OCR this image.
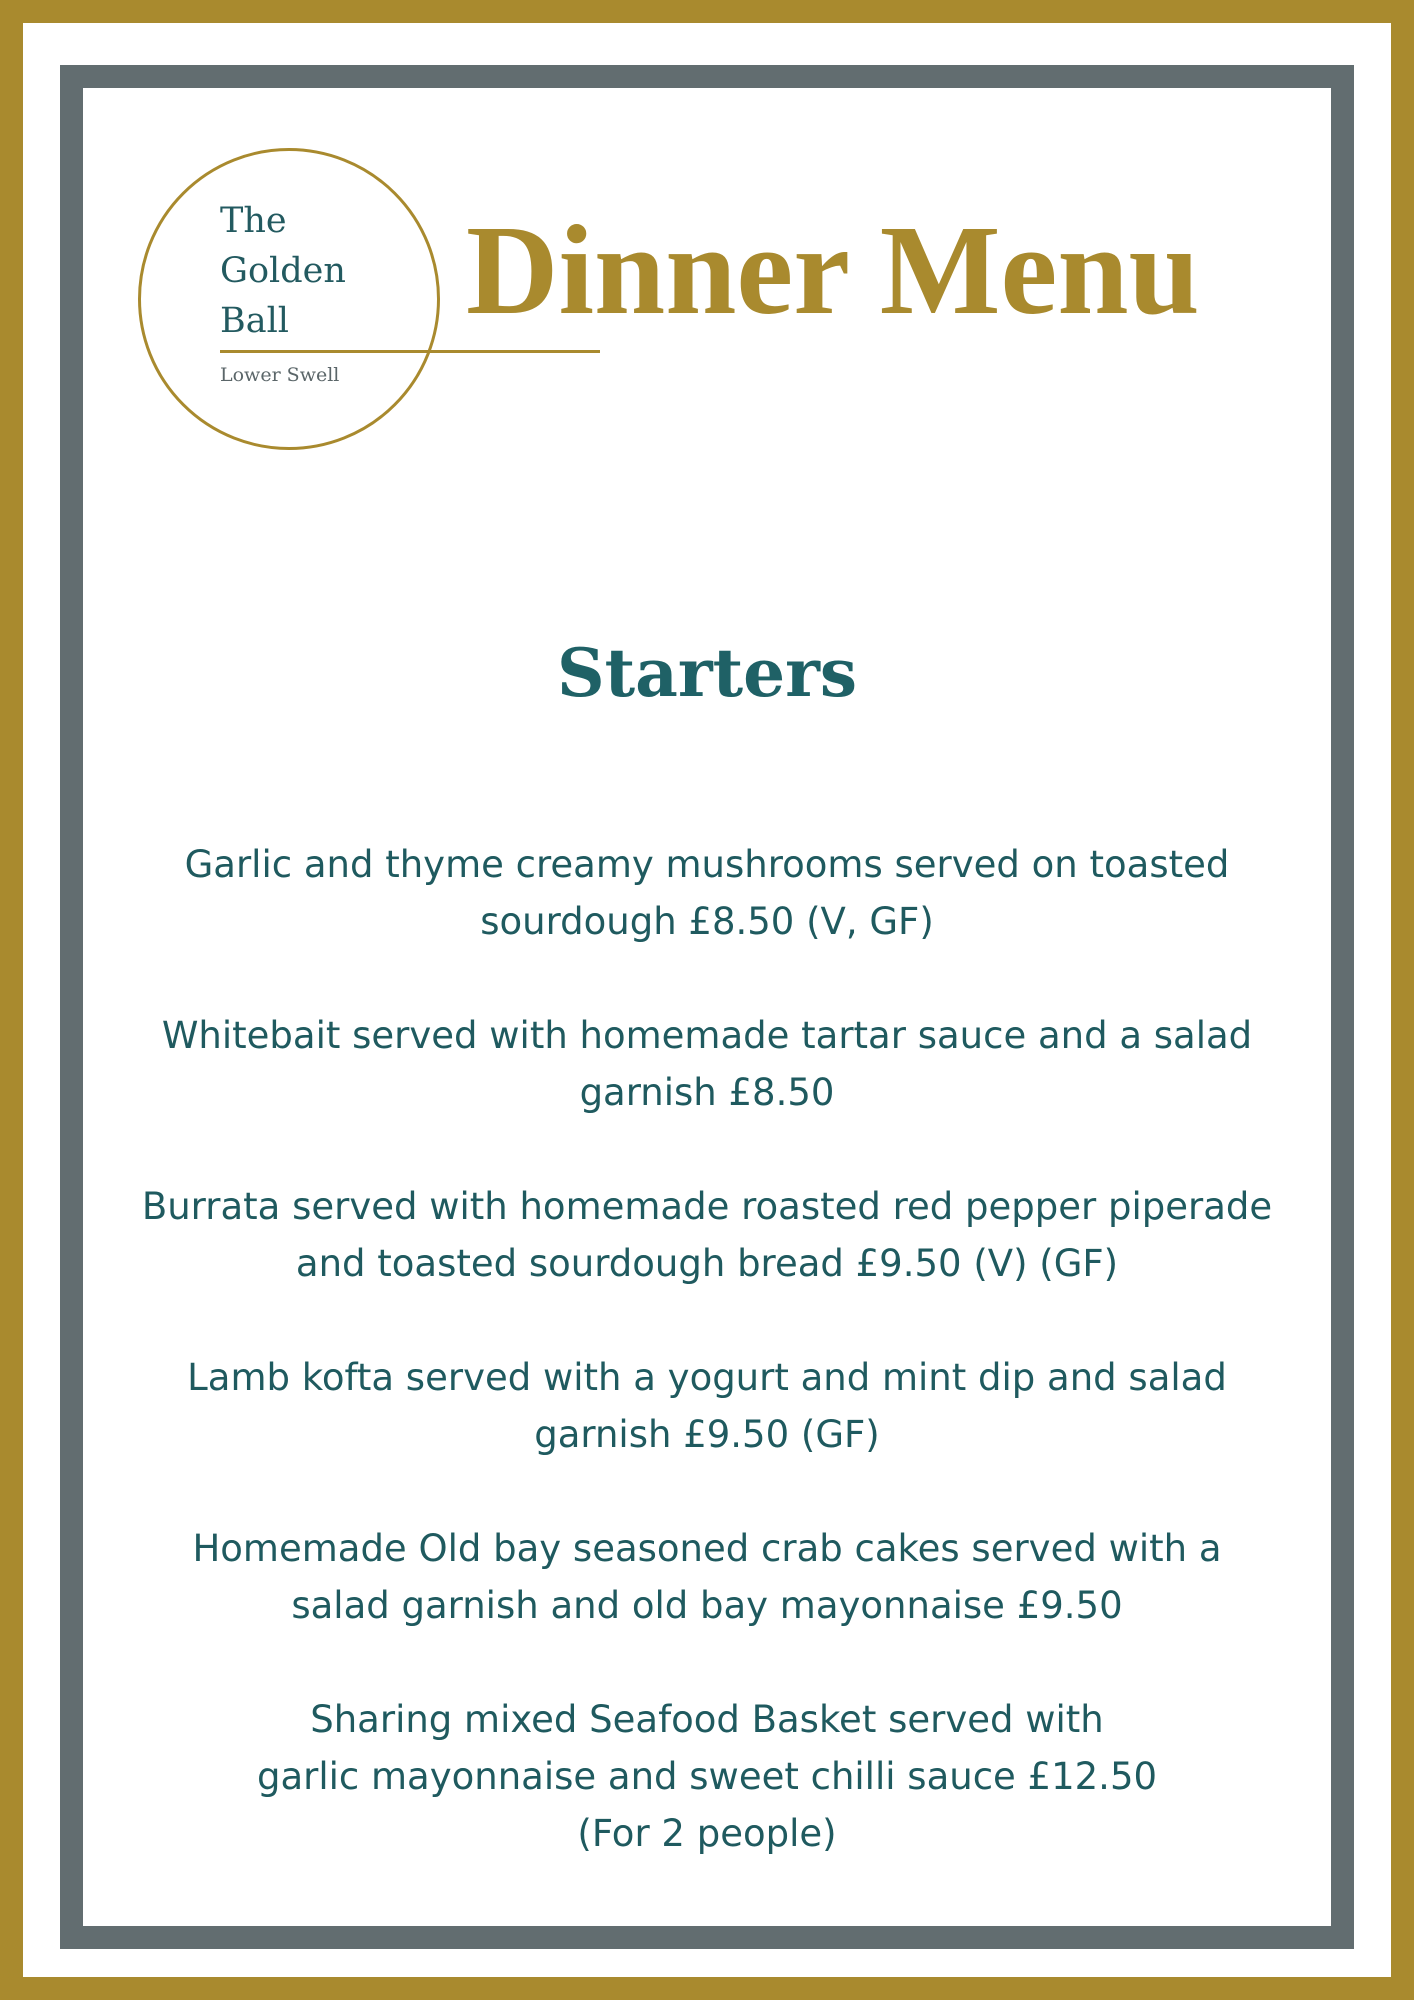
The
Golden
Ball
Lower Swell
Dinner Menu
Starters
Garlic and thyme creamy mushrooms served on toasted
sourdough £8.50 (V, GF)
Whitebait served with homemade tartar sauce and a salad
garnish £8.50
Burrata served with homemade roasted red pepper piperade
and toasted sourdough bread £9.50 (V) (GF)
Lamb kofta served with a yogurt and mint dip and salad
garnish £9.50 (GF)
Homemade Old bay seasoned crab cakes served with a
salad garnish and old bay mayonnaise £9.50
Sharing mixed Seafood Basket served with
garlic mayonnaise and sweet chilli sauce £12.50
(For 2 people)
